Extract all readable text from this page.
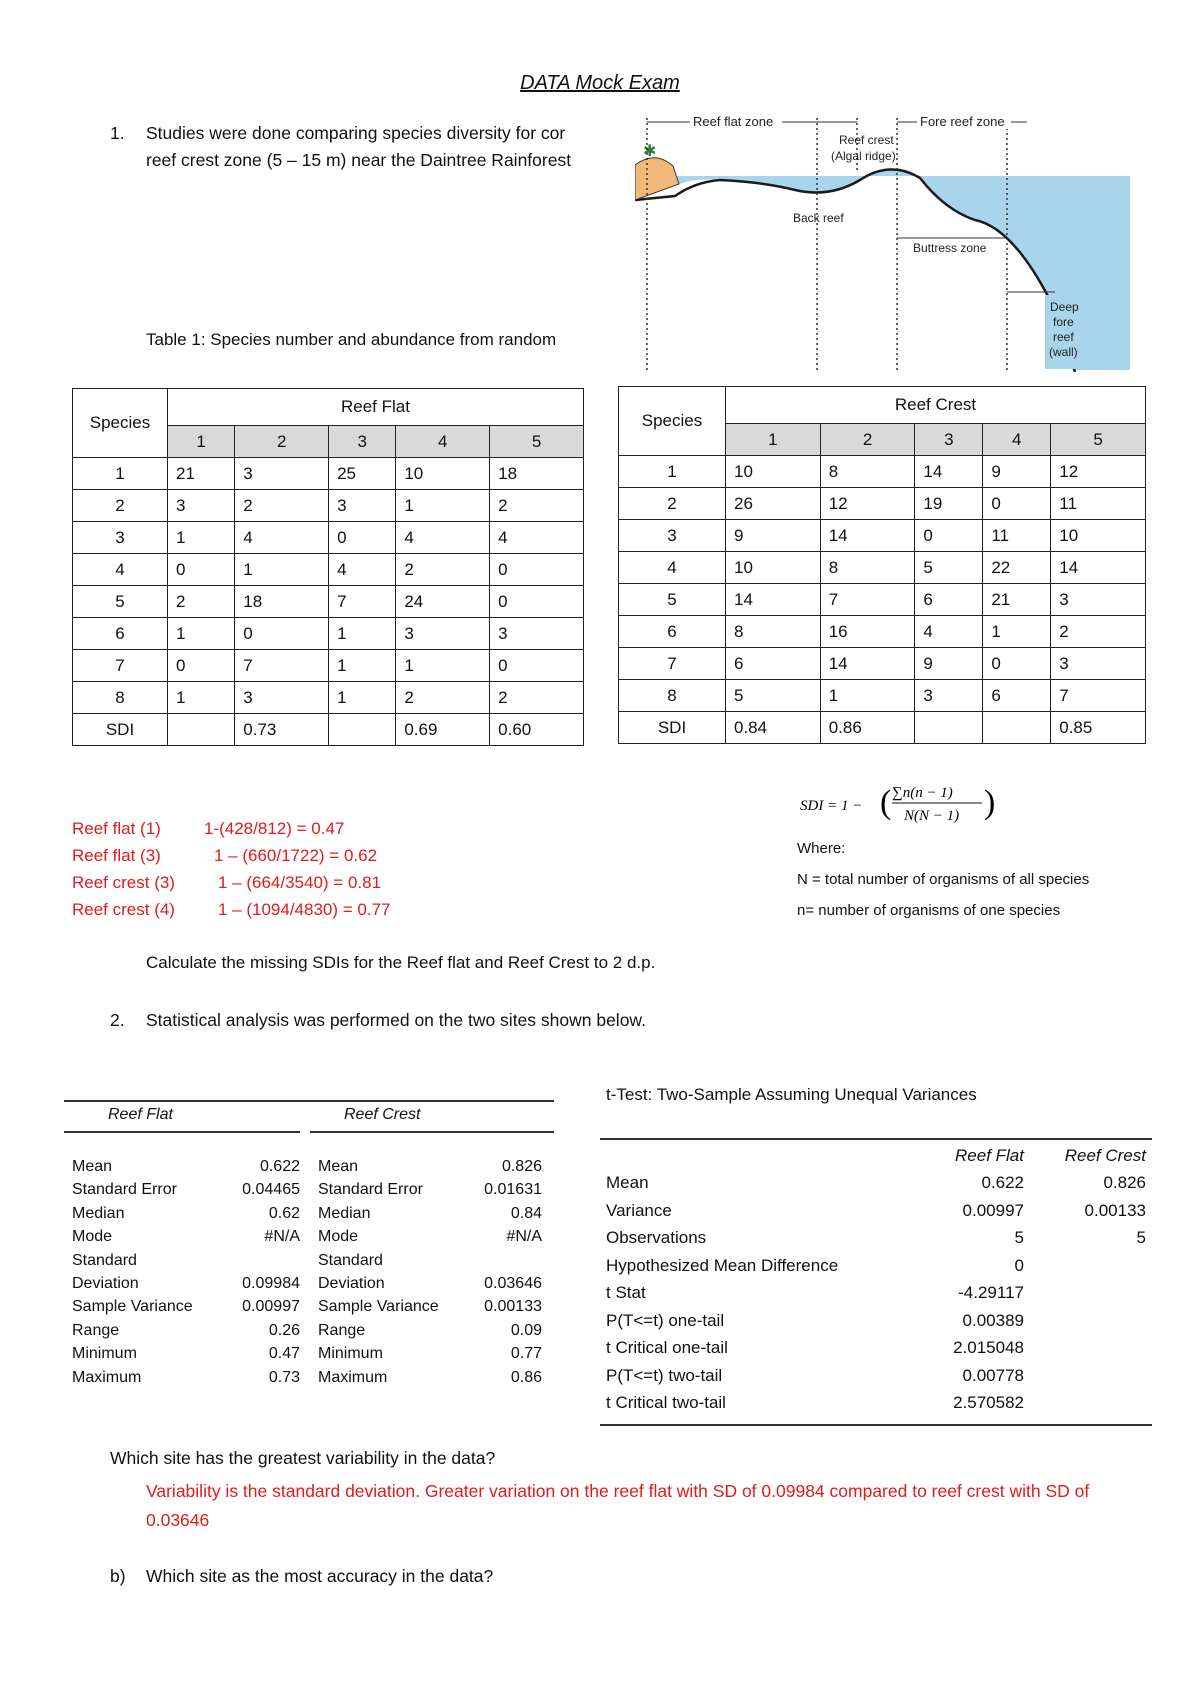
DATA Mock Exam
1. Studies were done comparing species diversity for cor
reef crest zone (5 – 15 m) near the Daintree Rainforest	✱
Reef flat zone	Fore reef zone
Reef crest
(Algal ridge)
Back reef
Buttress zone
Deep
fore
reef
(wall)
Table 1: Species number and abundance from random
Species	Reef Flat				
	1	2	3	4	5
1	21	3	25	10	18
2	3	2	3	1	2
3	1	4	0	4	4
4	0	1	4	2	0
5	2	18	7	24	0
6	1	0	1	3	3
7	0	7	1	1	0
8	1	3	1	2	2
SDI		0.73		0.69	0.60
Species	Reef Crest				
	1	2	3	4	5
1	10	8	14	9	12
2	26	12	19	0	11
3	9	14	0	11	10
4	10	8	5	22	14
5	14	7	6	21	3
6	8	16	4	1	2
7	6	14	9	0	3
8	5	1	3	6	7
SDI	0.84	0.86			0.85
Reef flat (1)	1-(428/812) = 0.47
Reef flat (3)	1 – (660/1722) = 0.62
Reef crest (3)	1 – (664/3540) = 0.81
Reef crest (4)	1 – (1094/4830) = 0.77
SDI = 1 − ( ∑n(n − 1)
N(N − 1) )
Where:
N = total number of organisms of all species
n= number of organisms of one species
Calculate the missing SDIs for the Reef flat and Reef Crest to 2 d.p.
2. Statistical analysis was performed on the two sites shown below.
Reef Flat	Reef Crest
Mean	0.622
Standard Error	0.04465
Median	0.62
Mode	#N/A
Standard
Deviation	0.09984
Sample Variance	0.00997
Range	0.26
Minimum	0.47
Maximum	0.73
Mean	0.826
Standard Error	0.01631
Median	0.84
Mode	#N/A
Standard
Deviation	0.03646
Sample Variance	0.00133
Range	0.09
Minimum	0.77
Maximum	0.86
t-Test: Two-Sample Assuming Unequal Variances
	Reef Flat	Reef Crest
Mean	0.622	0.826
Variance	0.00997	0.00133
Observations	5	5
Hypothesized Mean Difference	0	
t Stat	-4.29117	
P(T<=t) one-tail	0.00389	
t Critical one-tail	2.015048	
P(T<=t) two-tail	0.00778	
t Critical two-tail	2.570582	
Which site has the greatest variability in the data?
Variability is the standard deviation. Greater variation on the reef flat with SD of 0.09984 compared to reef crest with SD of 0.03646
b) Which site as the most accuracy in the data?
